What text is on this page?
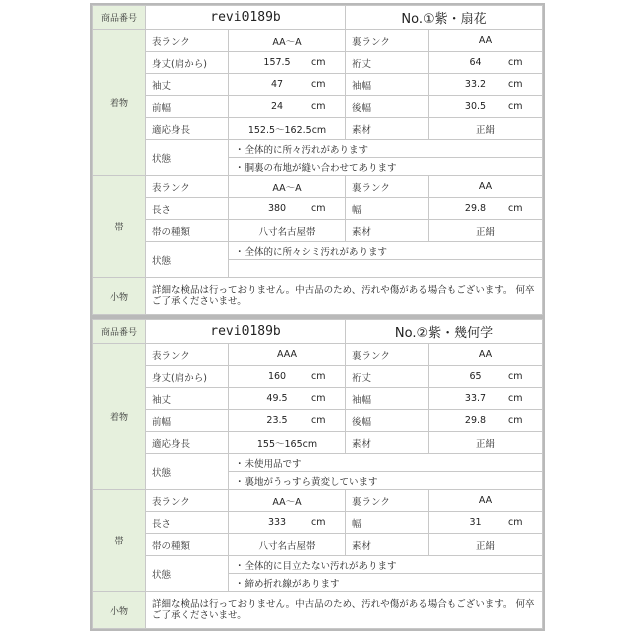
商品番号	revi0189b		No.①紫・扇花	
着物	表ランク	AA～A	裏ランク	AA
	身丈(肩から)	157.5 cm	裄丈	64 cm

	袖丈	47 cm	袖幅	33.2 cm

	前幅	24 cm	後幅	30.5 cm

	適応身長	152.5～162.5cm	素材	正絹
	状態	・全体的に所々汚れがあります		
		・胴裏の布地が縫い合わせてあります		
帯	表ランク	AA～A	裏ランク	AA
	長さ	380 cm	幅	29.8 cm

	帯の種類	八寸名古屋帯	素材	正絹
	状態	・全体的に所々シミ汚れがあります		

小物	詳細な検品は行っておりません。中古品のため、汚れや傷がある場合もございます。 何卒ご了承くださいませ。			
商品番号	revi0189b		No.②紫・幾何学	
着物	表ランク	AAA	裏ランク	AA
	身丈(肩から)	160 cm	裄丈	65 cm

	袖丈	49.5 cm	袖幅	33.7 cm

	前幅	23.5 cm	後幅	29.8 cm

	適応身長	155～165cm	素材	正絹
	状態	・未使用品です		
		・裏地がうっすら黄変しています		
帯	表ランク	AA～A	裏ランク	AA
	長さ	333 cm	幅	31 cm

	帯の種類	八寸名古屋帯	素材	正絹
	状態	・全体的に目立たない汚れがあります		
		・締め折れ線があります		
小物	詳細な検品は行っておりません。中古品のため、汚れや傷がある場合もございます。 何卒ご了承くださいませ。			
